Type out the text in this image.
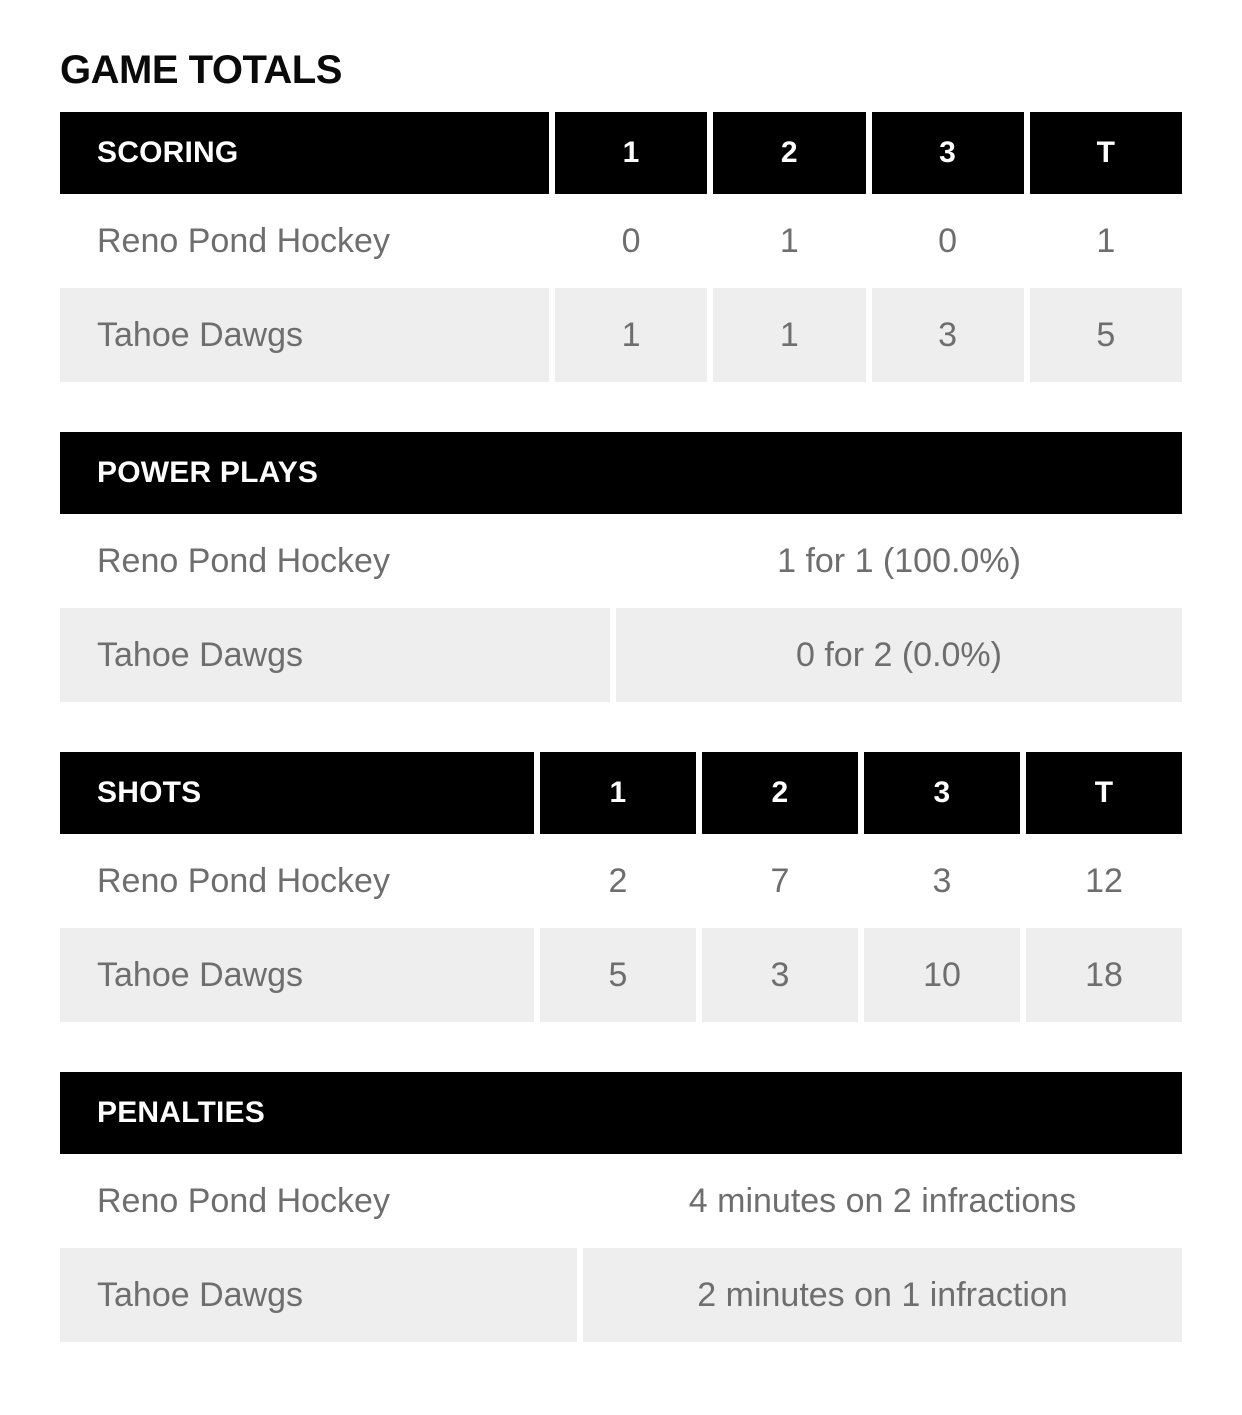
GAME TOTALS
SCORING	1	2	3	T
Reno Pond Hockey	0	1	0	1
Tahoe Dawgs	1	1	3	5
POWER PLAYS
Reno Pond Hockey	1 for 1 (100.0%)
Tahoe Dawgs	0 for 2 (0.0%)
SHOTS	1	2	3	T
Reno Pond Hockey	2	7	3	12
Tahoe Dawgs	5	3	10	18
PENALTIES
Reno Pond Hockey	4 minutes on 2 infractions
Tahoe Dawgs	2 minutes on 1 infraction
